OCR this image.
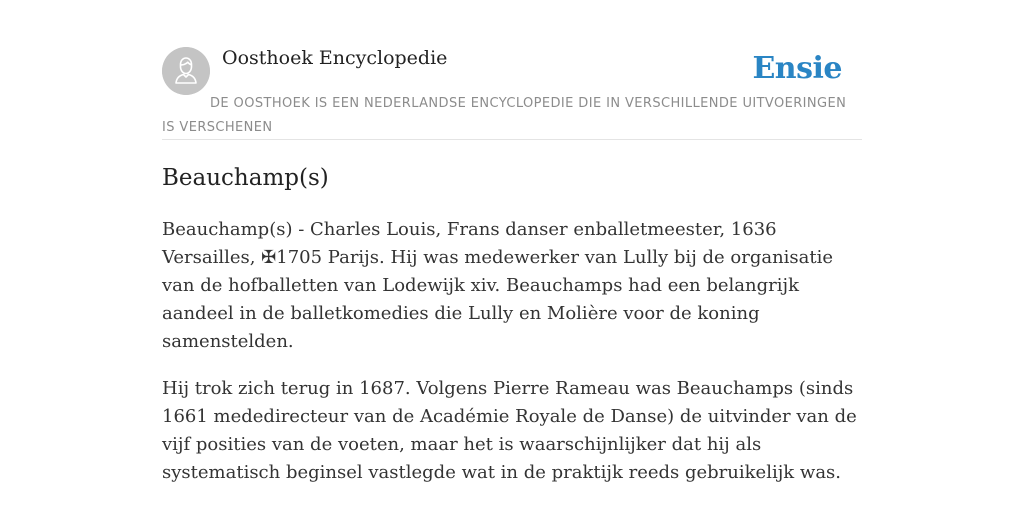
Oosthoek Encyclopedie	Ensie
DE OOSTHOEK IS EEN NEDERLANDSE ENCYCLOPEDIE DIE IN VERSCHILLENDE UITVOERINGEN IS VERSCHENEN
Beauchamp(s)

Beauchamp(s) - Charles Louis, Frans danser enballetmeester, 1636 Versailles, ✠1705 Parijs. Hij was medewerker van Lully bij de organisatie van de hofballetten van Lodewijk xiv. Beauchamps had een belangrijk aandeel in de balletkomedies die Lully en Molière voor de koning samenstelden.

Hij trok zich terug in 1687. Volgens Pierre Rameau was Beauchamps (sinds 1661 mededirecteur van de Académie Royale de Danse) de uitvinder van de vijf posities van de voeten, maar het is waarschijnlijker dat hij als systematisch beginsel vastlegde wat in de praktijk reeds gebruikelijk was.
